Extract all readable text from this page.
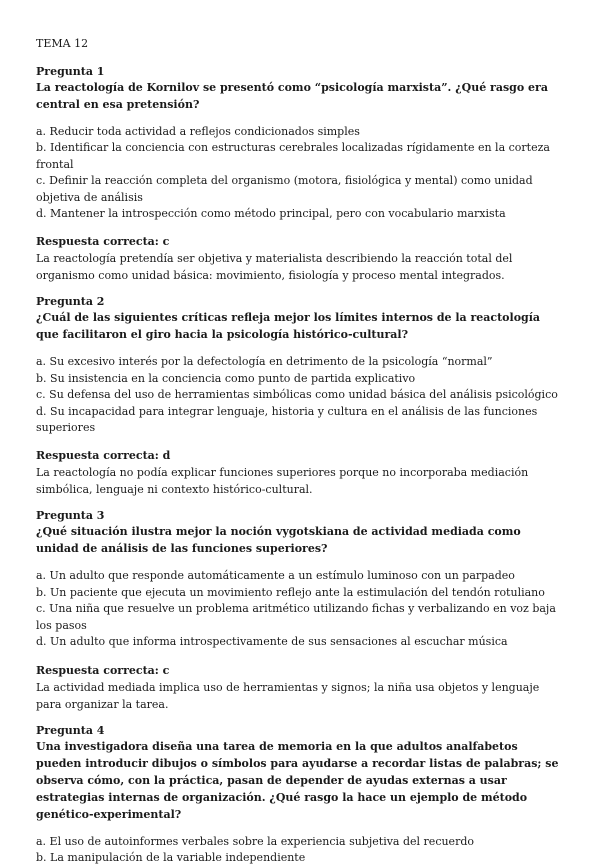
TEMA 12

Pregunta 1

La reactología de Kornilov se presentó como “psicología marxista”. ¿Qué rasgo era central en esa pretensión?

a. Reducir toda actividad a reflejos condicionados simples

b. Identificar la conciencia con estructuras cerebrales localizadas rígidamente en la corteza frontal

c. Definir la reacción completa del organismo (motora, fisiológica y mental) como unidad objetiva de análisis

d. Mantener la introspección como método principal, pero con vocabulario marxista

Respuesta correcta: c

La reactología pretendía ser objetiva y materialista describiendo la reacción total del organismo como unidad básica: movimiento, fisiología y proceso mental integrados.

Pregunta 2

¿Cuál de las siguientes críticas refleja mejor los límites internos de la reactología que facilitaron el giro hacia la psicología histórico-cultural?

a. Su excesivo interés por la defectología en detrimento de la psicología “normal”

b. Su insistencia en la conciencia como punto de partida explicativo

c. Su defensa del uso de herramientas simbólicas como unidad básica del análisis psicológico

d. Su incapacidad para integrar lenguaje, historia y cultura en el análisis de las funciones superiores

Respuesta correcta: d

La reactología no podía explicar funciones superiores porque no incorporaba mediación simbólica, lenguaje ni contexto histórico-cultural.

Pregunta 3

¿Qué situación ilustra mejor la noción vygotskiana de actividad mediada como unidad de análisis de las funciones superiores?

a. Un adulto que responde automáticamente a un estímulo luminoso con un parpadeo

b. Un paciente que ejecuta un movimiento reflejo ante la estimulación del tendón rotuliano

c. Una niña que resuelve un problema aritmético utilizando fichas y verbalizando en voz baja los pasos

d. Un adulto que informa introspectivamente de sus sensaciones al escuchar música

Respuesta correcta: c

La actividad mediada implica uso de herramientas y signos; la niña usa objetos y lenguaje para organizar la tarea.

Pregunta 4

Una investigadora diseña una tarea de memoria en la que adultos analfabetos pueden introducir dibujos o símbolos para ayudarse a recordar listas de palabras; se observa cómo, con la práctica, pasan de depender de ayudas externas a usar estrategias internas de organización. ¿Qué rasgo la hace un ejemplo de método genético-experimental?

a. El uso de autoinformes verbales sobre la experiencia subjetiva del recuerdo

b. La manipulación de la variable independiente
